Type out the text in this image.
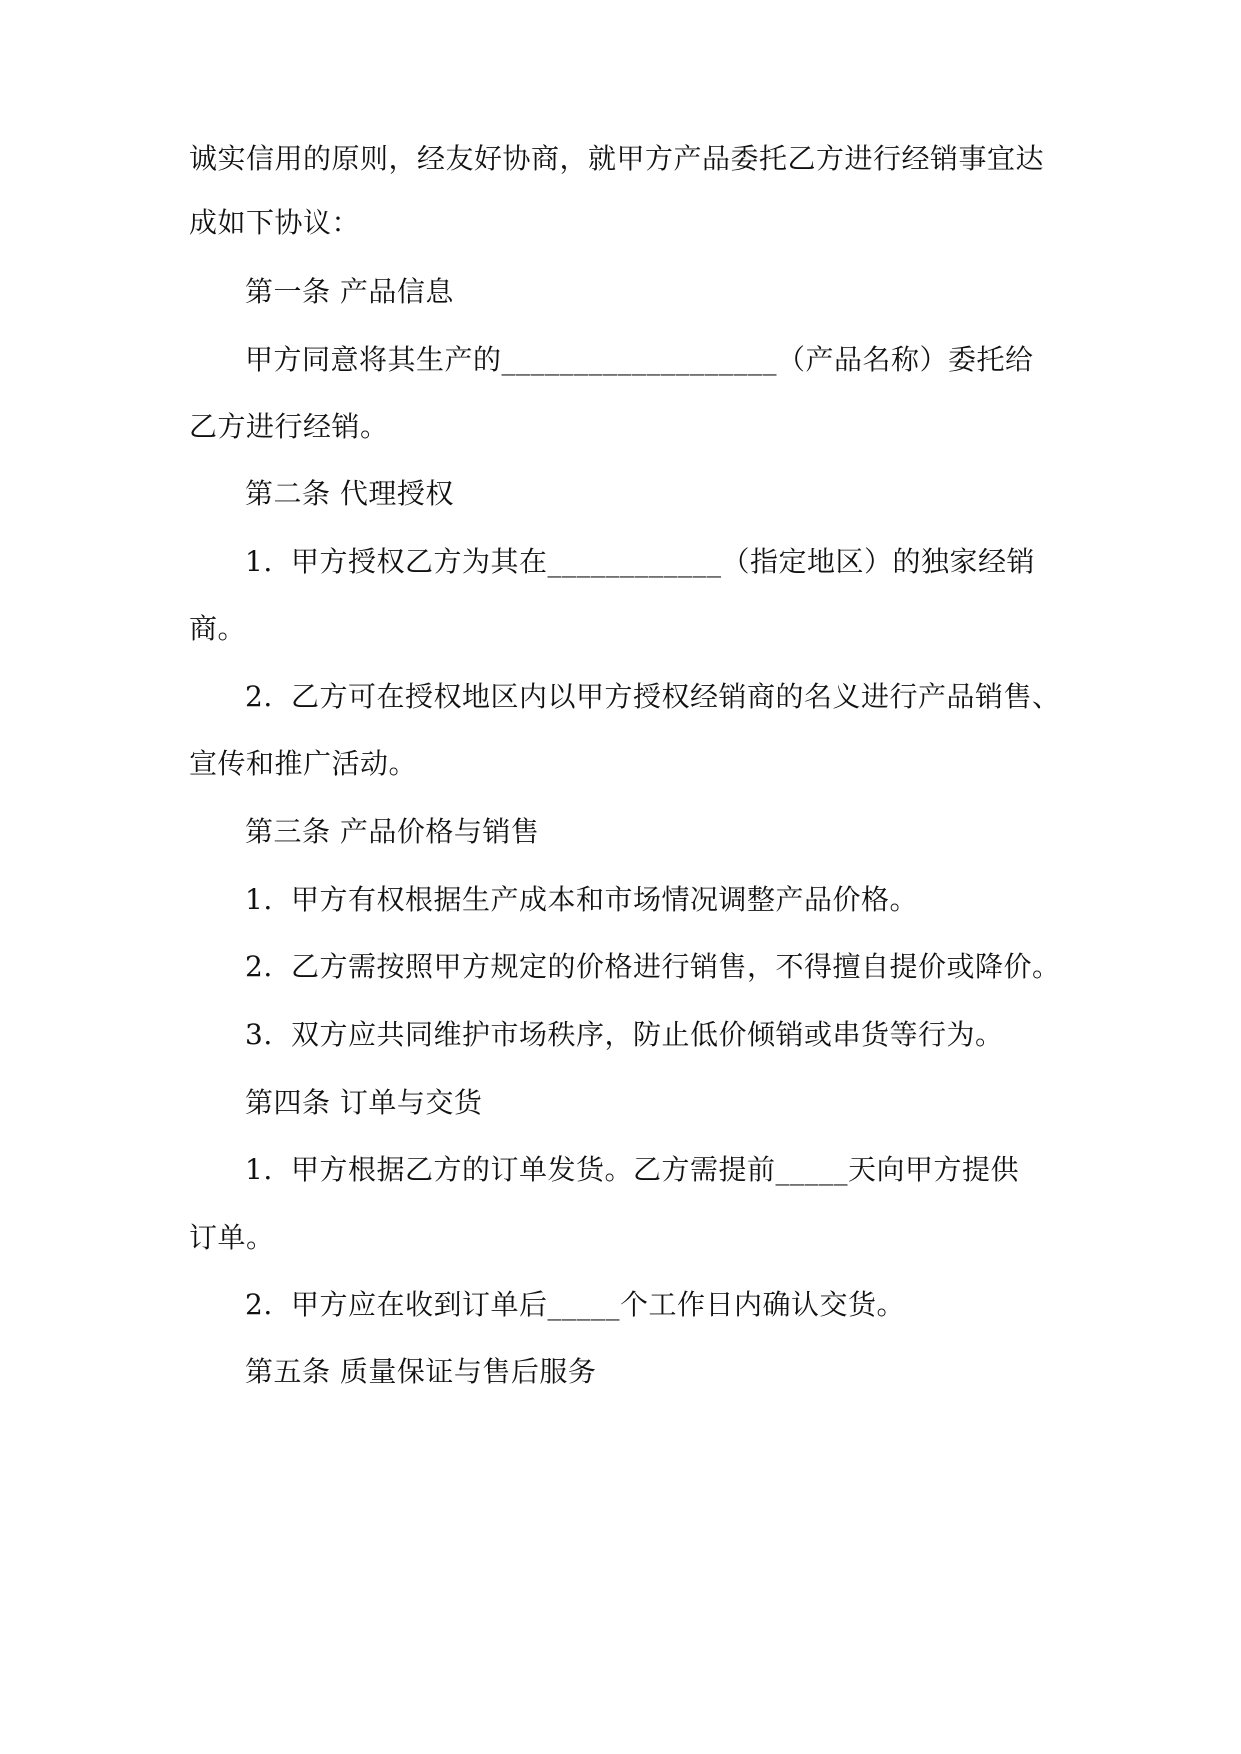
诚实信用的原则，经友好协商，就甲方产品委托乙方进行经销事宜达
成如下协议：
第一条 产品信息
甲方同意将其生产的___________________（产品名称）委托给
乙方进行经销。
第二条 代理授权
1. 甲方授权乙方为其在____________（指定地区）的独家经销
商。
2. 乙方可在授权地区内以甲方授权经销商的名义进行产品销售、
宣传和推广活动。
第三条 产品价格与销售
1. 甲方有权根据生产成本和市场情况调整产品价格。
2. 乙方需按照甲方规定的价格进行销售，不得擅自提价或降价。
3. 双方应共同维护市场秩序，防止低价倾销或串货等行为。
第四条 订单与交货
1. 甲方根据乙方的订单发货。乙方需提前_____天向甲方提供
订单。
2. 甲方应在收到订单后_____个工作日内确认交货。
第五条 质量保证与售后服务
